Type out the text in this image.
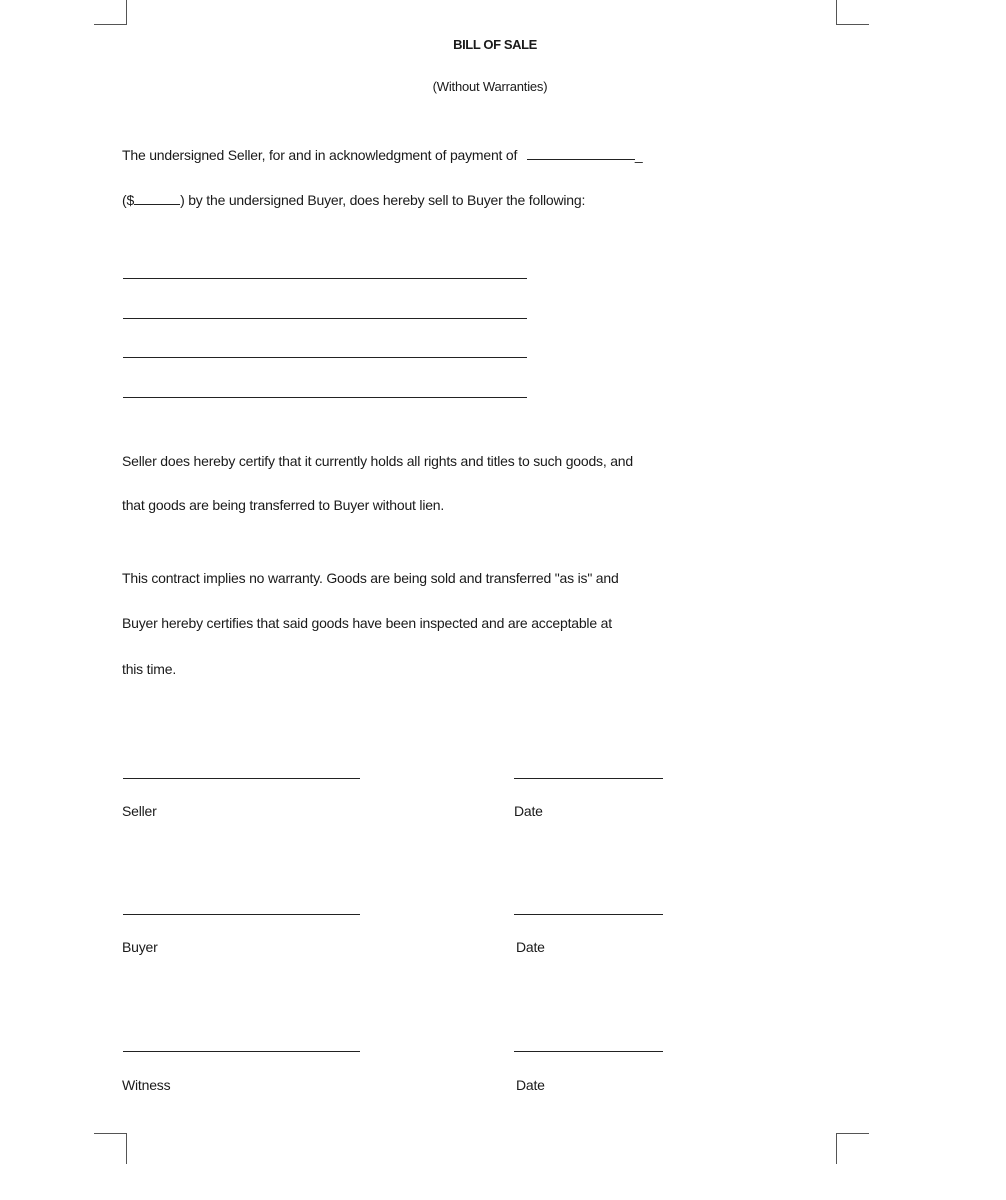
BILL OF SALE
(Without Warranties)
The undersigned Seller, for and in acknowledgment of payment of	_
($	) by the undersigned Buyer, does hereby sell to Buyer the following:
Seller does hereby certify that it currently holds all rights and titles to such goods, and
that goods are being transferred to Buyer without lien.
This contract implies no warranty. Goods are being sold and transferred "as is" and
Buyer hereby certifies that said goods have been inspected and are acceptable at
this time.
Seller	Date
Buyer	Date
Witness	Date
